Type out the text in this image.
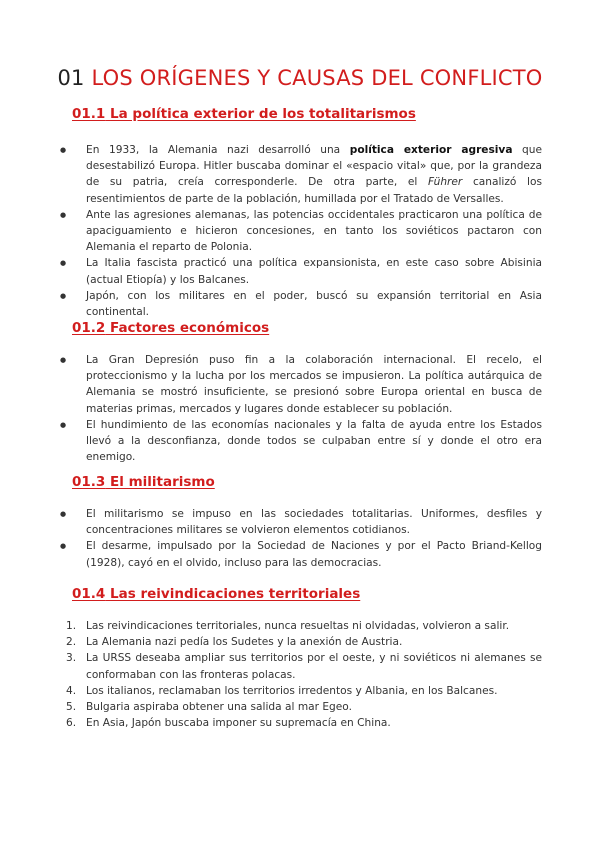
01 LOS ORÍGENES Y CAUSAS DEL CONFLICTO

01.1 La política exterior de los totalitarismos

● En 1933, la Alemania nazi desarrolló una política exterior agresiva que desestabilizó Europa. Hitler buscaba dominar el «espacio vital» que, por la grandeza de su patria, creía corresponderle. De otra parte, el Führer canalizó los resentimientos de parte de la población, humillada por el Tratado de Versalles.
● Ante las agresiones alemanas, las potencias occidentales practicaron una política de apaciguamiento e hicieron concesiones, en tanto los soviéticos pactaron con Alemania el reparto de Polonia.
● La Italia fascista practicó una política expansionista, en este caso sobre Abisinia (actual Etiopía) y los Balcanes.
● Japón, con los militares en el poder, buscó su expansión territorial en Asia continental.

01.2 Factores económicos

● La Gran Depresión puso fin a la colaboración internacional. El recelo, el proteccionismo y la lucha por los mercados se impusieron. La política autárquica de Alemania se mostró insuficiente, se presionó sobre Europa oriental en busca de materias primas, mercados y lugares donde establecer su población.
● El hundimiento de las economías nacionales y la falta de ayuda entre los Estados llevó a la desconfianza, donde todos se culpaban entre sí y donde el otro era enemigo.

01.3 El militarismo

● El militarismo se impuso en las sociedades totalitarias. Uniformes, desfiles y concentraciones militares se volvieron elementos cotidianos.
● El desarme, impulsado por la Sociedad de Naciones y por el Pacto Briand-Kellog (1928), cayó en el olvido, incluso para las democracias.

01.4 Las reivindicaciones territoriales

1. Las reivindicaciones territoriales, nunca resueltas ni olvidadas, volvieron a salir.
2. La Alemania nazi pedía los Sudetes y la anexión de Austria.
3. La URSS deseaba ampliar sus territorios por el oeste, y ni soviéticos ni alemanes se conformaban con las fronteras polacas.
4. Los italianos, reclamaban los territorios irredentos y Albania, en los Balcanes.
5. Bulgaria aspiraba obtener una salida al mar Egeo.
6. En Asia, Japón buscaba imponer su supremacía en China.
